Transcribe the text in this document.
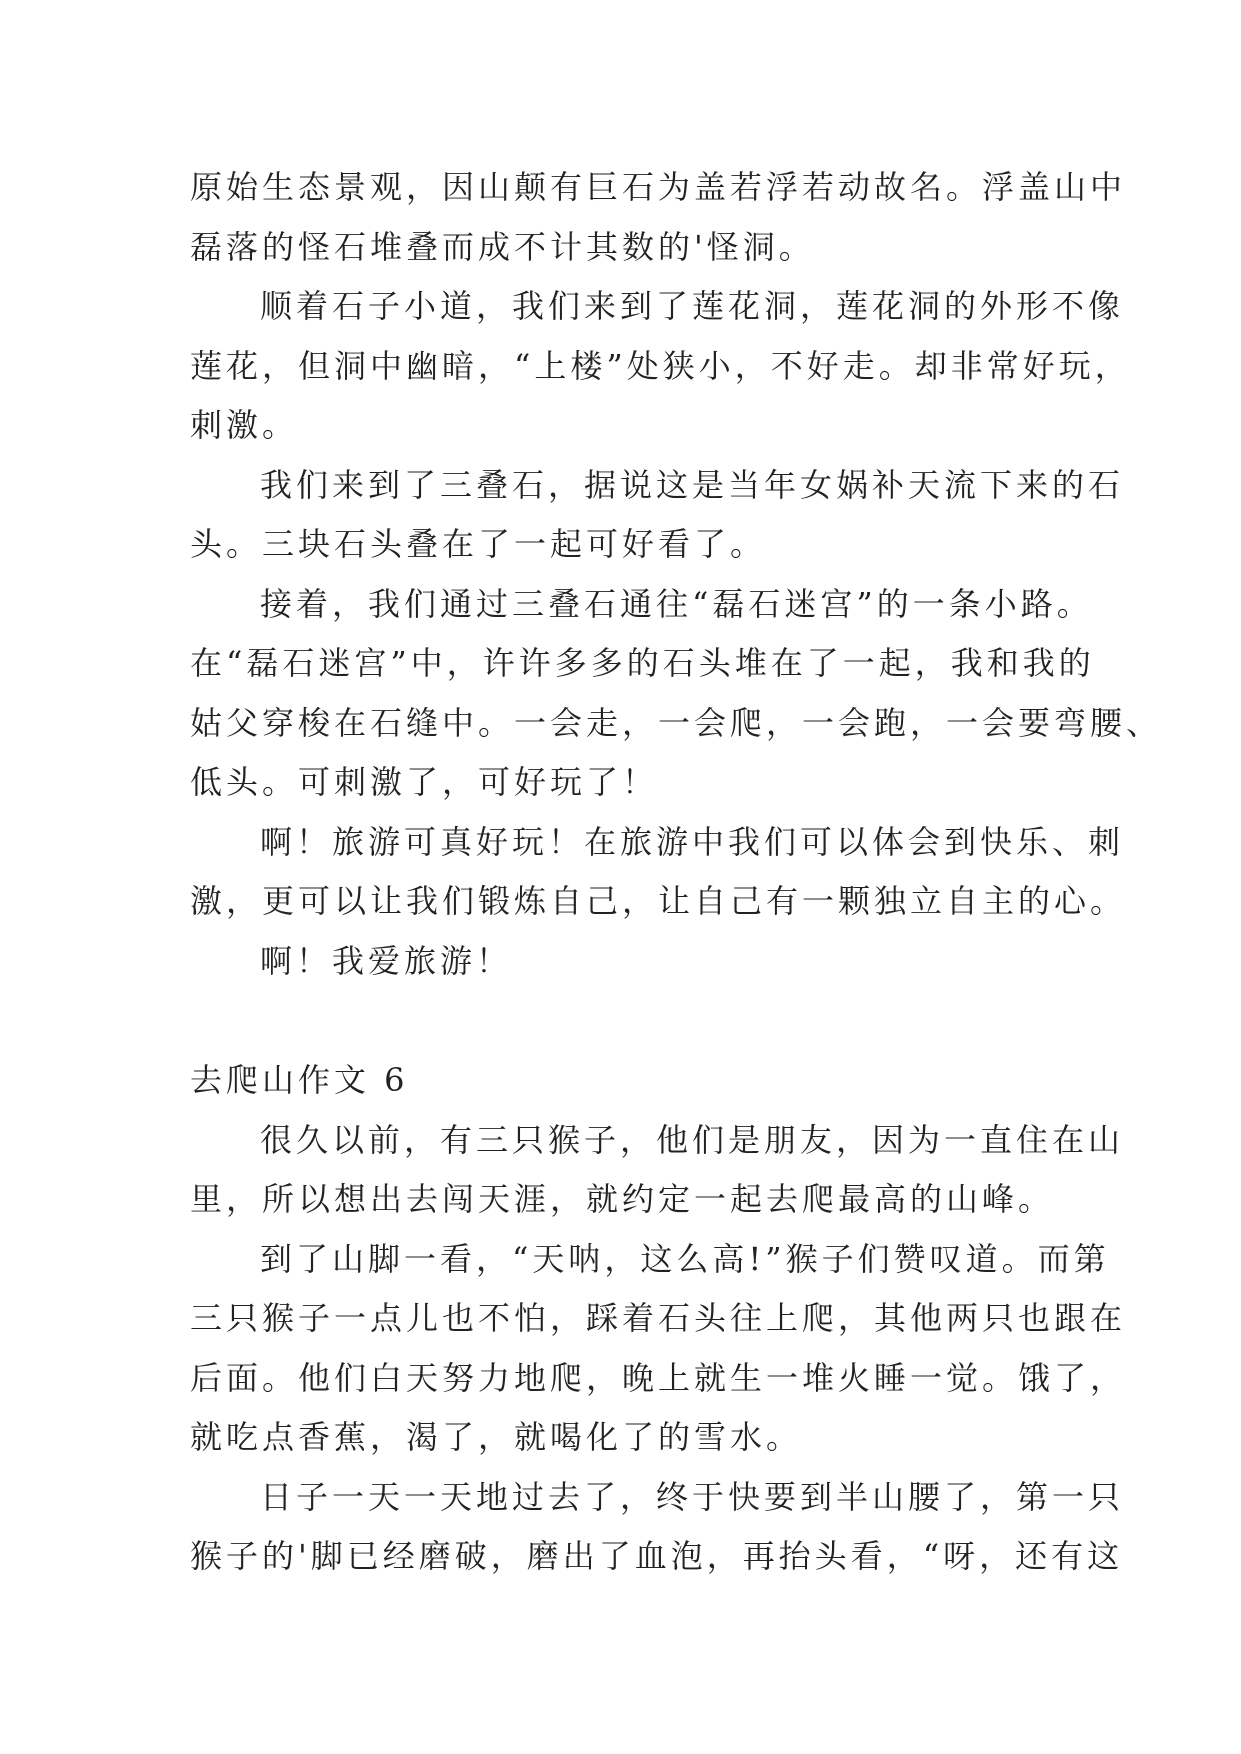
原始生态景观，因山颠有巨石为盖若浮若动故名。浮盖山中
磊落的怪石堆叠而成不计其数的'怪洞。
顺着石子小道，我们来到了莲花洞，莲花洞的外形不像
莲花，但洞中幽暗，“上楼”处狭小，不好走。却非常好玩，
刺激。
我们来到了三叠石，据说这是当年女娲补天流下来的石
头。三块石头叠在了一起可好看了。
接着，我们通过三叠石通往“磊石迷宫”的一条小路。
在“磊石迷宫”中，许许多多的石头堆在了一起，我和我的
姑父穿梭在石缝中。一会走，一会爬，一会跑，一会要弯腰、
低头。可刺激了，可好玩了！
啊！旅游可真好玩！在旅游中我们可以体会到快乐、刺
激，更可以让我们锻炼自己，让自己有一颗独立自主的心。
啊！我爱旅游！
去爬山作文 6
很久以前，有三只猴子，他们是朋友，因为一直住在山
里，所以想出去闯天涯，就约定一起去爬最高的山峰。
到了山脚一看，“天呐，这么高!”猴子们赞叹道。而第
三只猴子一点儿也不怕，踩着石头往上爬，其他两只也跟在
后面。他们白天努力地爬，晚上就生一堆火睡一觉。饿了，
就吃点香蕉，渴了，就喝化了的雪水。
日子一天一天地过去了，终于快要到半山腰了，第一只
猴子的'脚已经磨破，磨出了血泡，再抬头看，“呀，还有这
